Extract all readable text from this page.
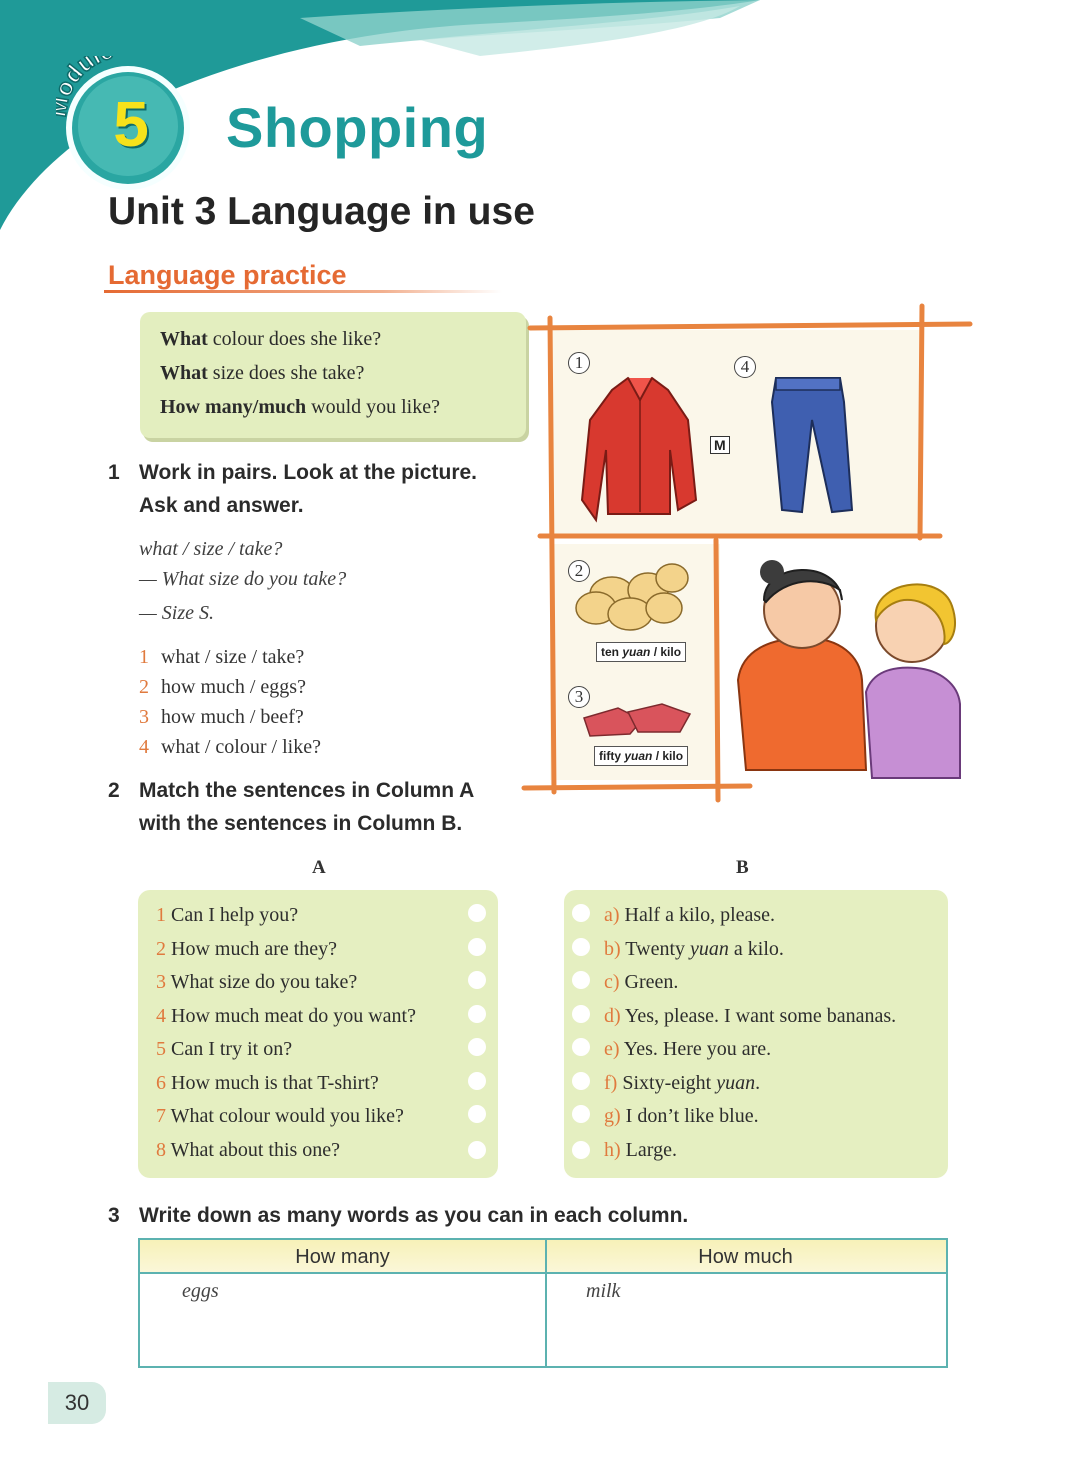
dul
5 Shopping
Unit 3 Language in use
Language practice
What colour does she like?
What size does she take?
How many/much would you like?
1 Work in pairs. Look at the picture.
Ask and answer.
what / size / take?
— What size do you take?
— Size S.
1 what / size / take?
2 how much / eggs?
3 how much / beef?
4 what / colour / like?
1	4
2
3
M
ten yuan / kilo
fifty yuan / kilo
2 Match the sentences in Column A
with the sentences in Column B.
A	B
1 Can I help you?
2 How much are they?
3 What size do you take?
4 How much meat do you want?
5 Can I try it on?
6 How much is that T-shirt?
7 What colour would you like?
8 What about this one?
a) Half a kilo, please.
b) Twenty yuan a kilo.
c) Green.
d) Yes, please. I want some bananas.
e) Yes. Here you are.
f) Sixty-eight yuan.
g) I don’t like blue.
h) Large.
3 Write down as many words as you can in each column.
How many	How much
eggs	milk
30
